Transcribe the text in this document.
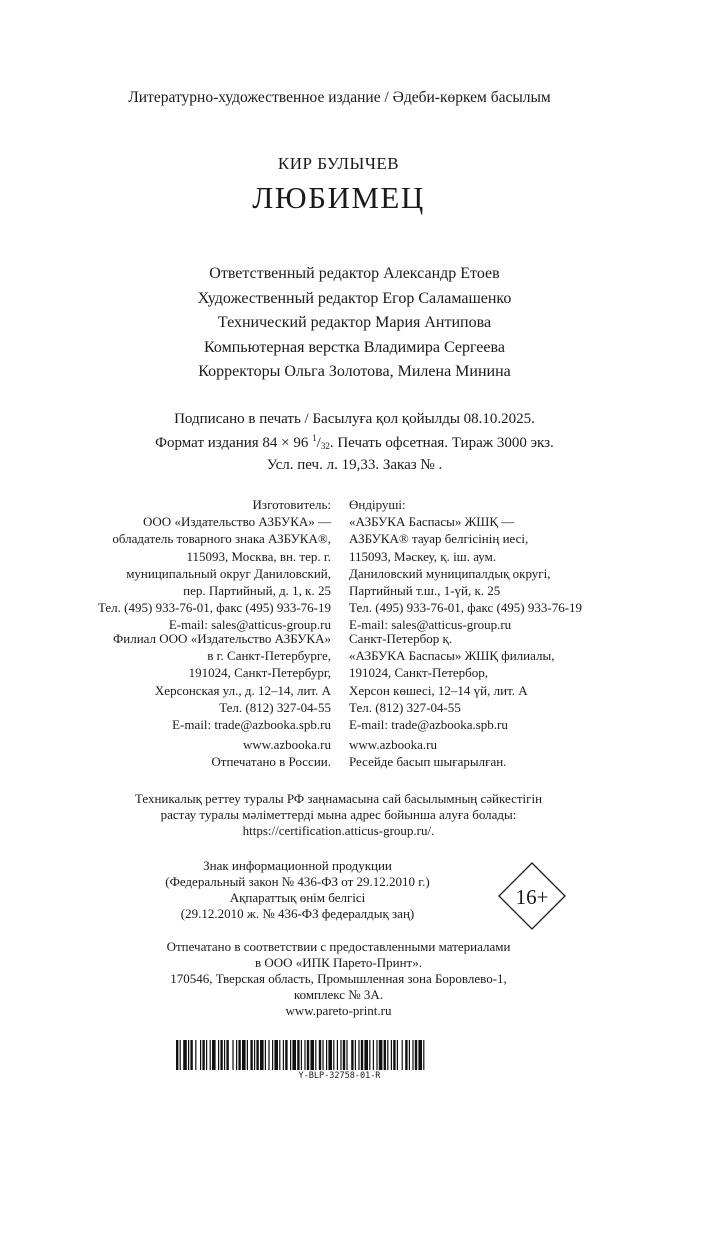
Литературно-художественное издание / Әдеби-көркем басылым
КИР БУЛЫЧЕВ
ЛЮБИМЕЦ
Ответственный редактор Александр Етоев
Художественный редактор Егор Саламашенко
Технический редактор Мария Антипова
Компьютерная верстка Владимира Сергеева
Корректоры Ольга Золотова, Милена Минина
Подписано в печать / Басылуға қол қойылды 08.10.2025.
Формат издания 84 × 96 $^1/_{32}$. Печать офсетная. Тираж 3000 экз.
Усл. печ. л. 19,33. Заказ № .
Изготовитель:
ООО «Издательство АЗБУКА» —
обладатель товарного знака АЗБУКА®,
115093, Москва, вн. тер. г.
муниципальный округ Даниловский,
пер. Партийный, д. 1, к. 25
Тел. (495) 933-76-01, факс (495) 933-76-19
E-mail: sales@atticus-group.ru
Өндіруші:
«АЗБУКА Баспасы» ЖШҚ —
АЗБУКА® тауар белгісінің иесі,
115093, Мәскеу, қ. іш. аум.
Даниловский муниципалдық округі,
Партийный т.ш., 1-үй, к. 25
Тел. (495) 933-76-01, факс (495) 933-76-19
E-mail: sales@atticus-group.ru
Филиал ООО «Издательство АЗБУКА»
в г. Санкт-Петербурге,
191024, Санкт-Петербург,
Херсонская ул., д. 12–14, лит. А
Тел. (812) 327-04-55
E-mail: trade@azbooka.spb.ru
Санкт-Петербор қ.
«АЗБУКА Баспасы» ЖШҚ филиалы,
191024, Санкт-Петербор,
Херсон көшесі, 12–14 үй, лит. А
Тел. (812) 327-04-55
E-mail: trade@azbooka.spb.ru
www.azbooka.ru
Отпечатано в России.
www.azbooka.ru
Ресейде басып шығарылған.
Техникалық реттеу туралы РФ заңнамасына сай басылымның сәйкестігін
растау туралы мәліметтерді мына адрес бойынша алуға болады:
https://certification.atticus-group.ru/.
Знак информационной продукции
(Федеральный закон № 436-ФЗ от 29.12.2010 г.)
Ақпараттық өнім белгісі
(29.12.2010 ж. № 436-ФЗ федералдық заң)
16+
Отпечатано в соответствии с предоставленными материалами
в ООО «ИПК Парето-Принт».
170546, Тверская область, Промышленная зона Боровлево-1,
комплекс № 3А.
www.pareto-print.ru
Y-BLP-32758-01-R
